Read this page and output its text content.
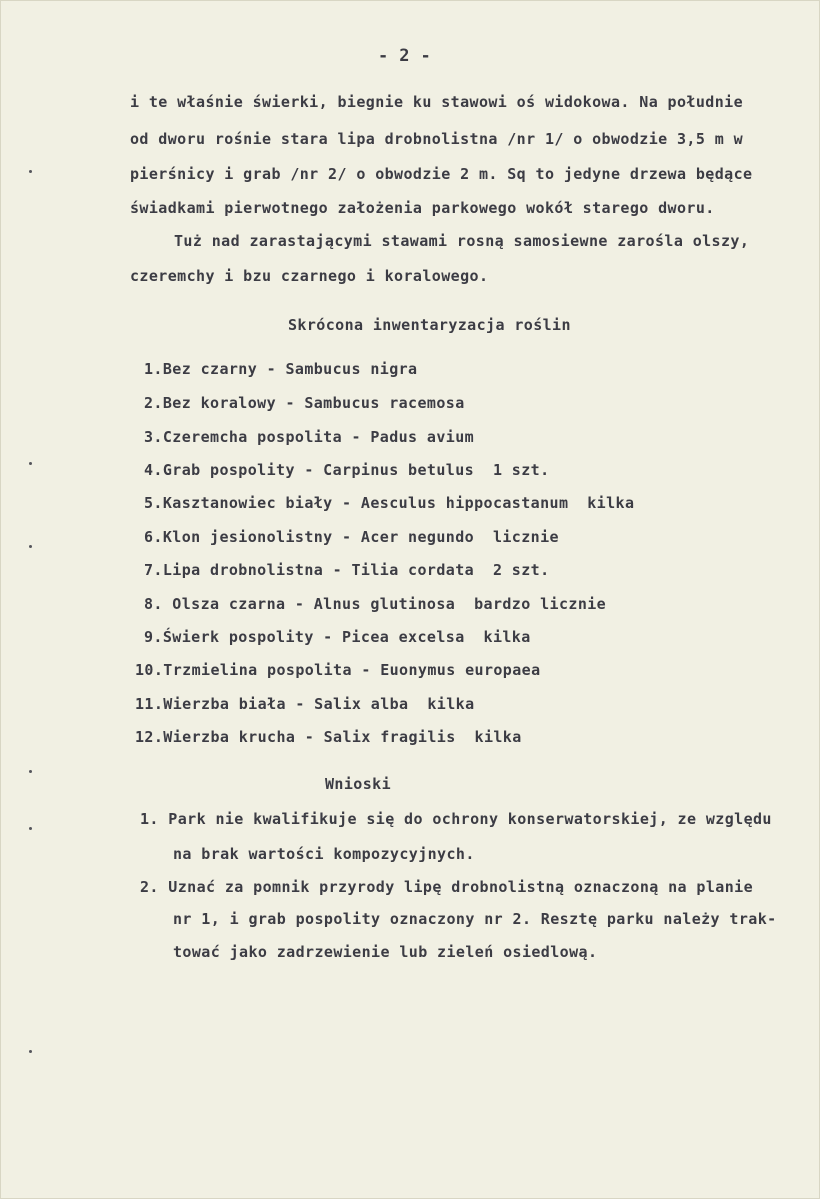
- 2 -
i te właśnie świerki, biegnie ku stawowi oś widokowa. Na południe
od dworu rośnie stara lipa drobnolistna /nr 1/ o obwodzie 3,5 m w
pierśnicy i grab /nr 2/ o obwodzie 2 m. Sq to jedyne drzewa będące
świadkami pierwotnego założenia parkowego wokół starego dworu.
Tuż nad zarastającymi stawami rosną samosiewne zarośla olszy,
czeremchy i bzu czarnego i koralowego.
Skrócona inwentaryzacja roślin
1.Bez czarny - Sambucus nigra
2.Bez koralowy - Sambucus racemosa
3.Czeremcha pospolita - Padus avium
4.Grab pospolity - Carpinus betulus  1 szt.
5.Kasztanowiec biały - Aesculus hippocastanum  kilka
6.Klon jesionolistny - Acer negundo  licznie
7.Lipa drobnolistna - Tilia cordata  2 szt.
8. Olsza czarna - Alnus glutinosa  bardzo licznie
9.Świerk pospolity - Picea excelsa  kilka
10.Trzmielina pospolita - Euonymus europaea
11.Wierzba biała - Salix alba  kilka
12.Wierzba krucha - Salix fragilis  kilka
Wnioski
1. Park nie kwalifikuje się do ochrony konserwatorskiej, ze względu
na brak wartości kompozycyjnych.
2. Uznać za pomnik przyrody lipę drobnolistną oznaczoną na planie
nr 1, i grab pospolity oznaczony nr 2. Resztę parku należy trak-
tować jako zadrzewienie lub zieleń osiedlową.
